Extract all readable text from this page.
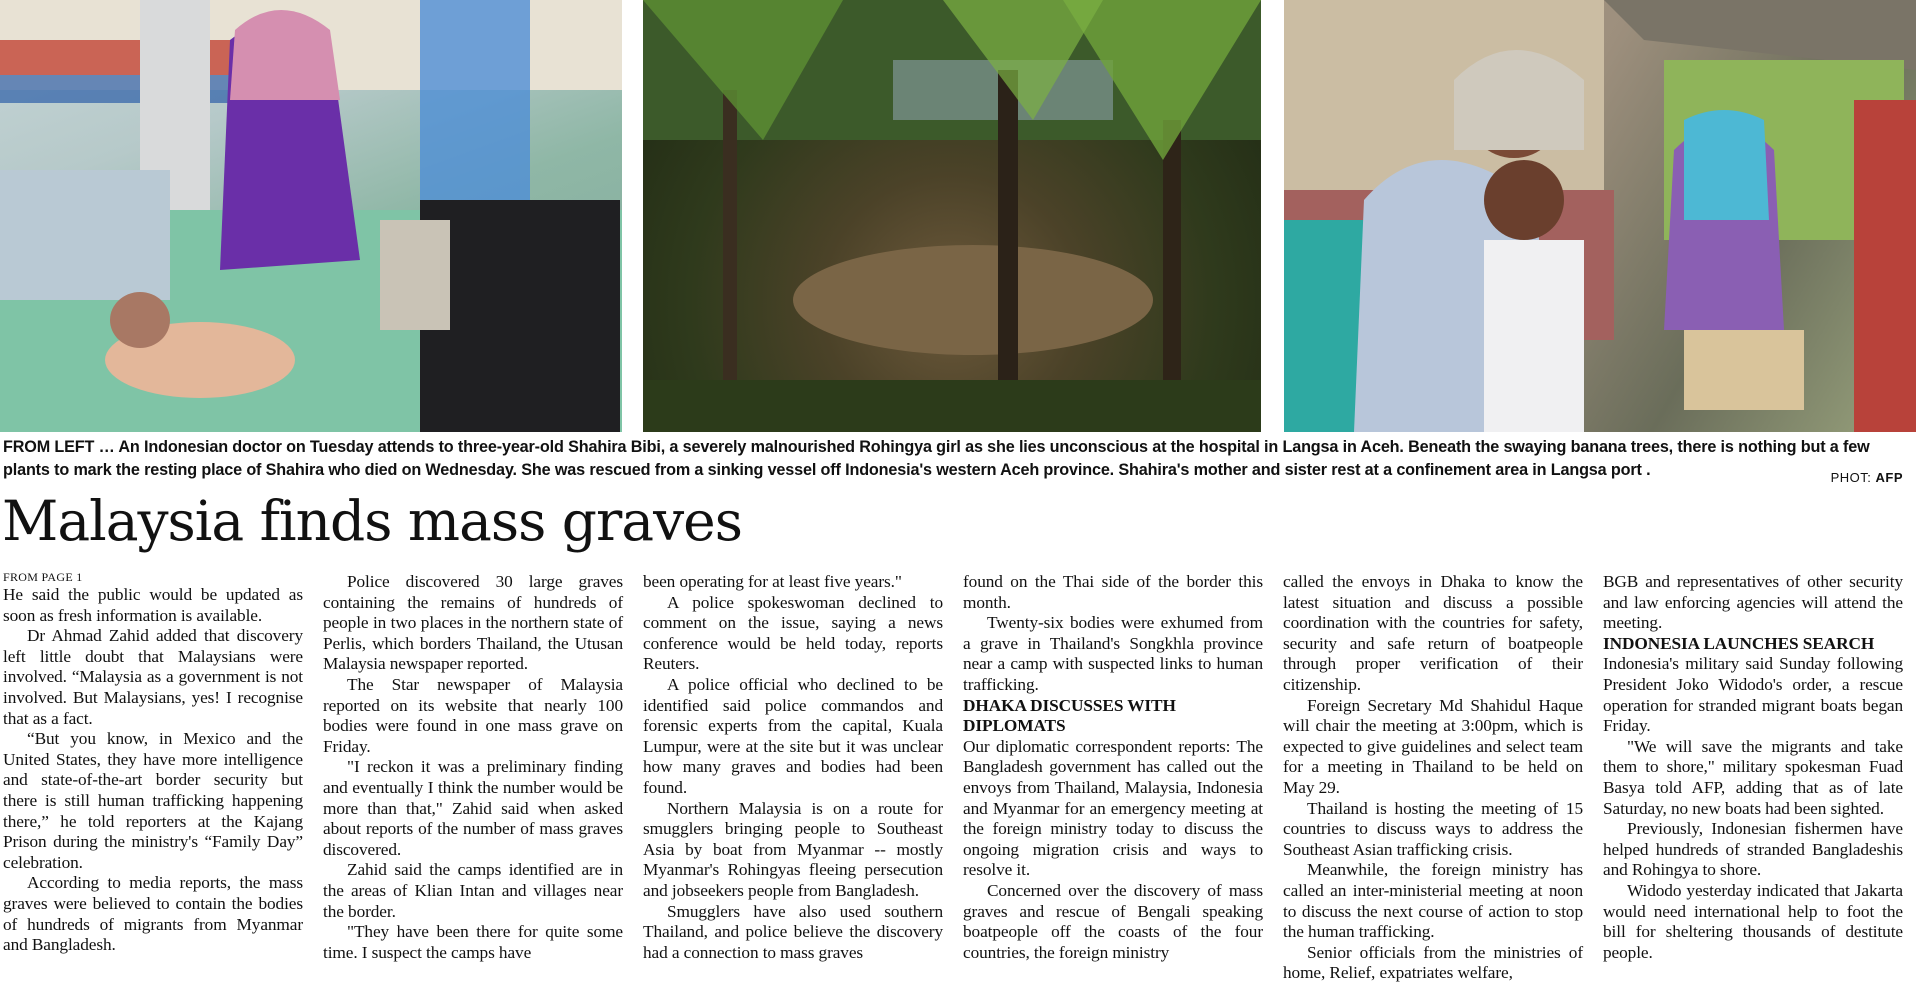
FROM LEFT … An Indonesian doctor on Tuesday attends to three-year-old Shahira Bibi, a severely malnourished Rohingya girl as she lies unconscious at the hospital in Langsa in Aceh. Beneath the swaying banana trees, there is nothing but a few plants to mark the resting place of Shahira who died on Wednesday. She was rescued from a sinking vessel off Indonesia's western Aceh province. Shahira's mother and sister rest at a confinement area in Langsa port .	PHOT: AFP
Malaysia finds mass graves
FROM PAGE 1

He said the public would be updated as soon as fresh information is available.

Dr Ahmad Zahid added that discovery left little doubt that Malaysians were involved. “Malaysia as a government is not involved. But Malaysians, yes! I recognise that as a fact.

“But you know, in Mexico and the United States, they have more intelligence and state-of-the-art border security but there is still human trafficking happening there,” he told reporters at the Kajang Prison during the ministry's “Family Day” celebration.

According to media reports, the mass graves were believed to contain the bodies of hundreds of migrants from Myanmar and Bangladesh.

Police discovered 30 large graves containing the remains of hundreds of people in two places in the northern state of Perlis, which borders Thailand, the Utusan Malaysia newspaper reported.

The Star newspaper of Malaysia reported on its website that nearly 100 bodies were found in one mass grave on Friday.

"I reckon it was a preliminary finding and eventually I think the number would be more than that," Zahid said when asked about reports of the number of mass graves discovered.

Zahid said the camps identified are in the areas of Klian Intan and villages near the border.

"They have been there for quite some time. I suspect the camps have

been operating for at least five years."

A police spokeswoman declined to comment on the issue, saying a news conference would be held today, reports Reuters.

A police official who declined to be identified said police commandos and forensic experts from the capital, Kuala Lumpur, were at the site but it was unclear how many graves and bodies had been found.

Northern Malaysia is on a route for smugglers bringing people to Southeast Asia by boat from Myanmar -- mostly Myanmar's Rohingyas fleeing persecution and jobseekers people from Bangladesh.

Smugglers have also used southern Thailand, and police believe the discovery had a connection to mass graves

found on the Thai side of the border this month.

Twenty-six bodies were exhumed from a grave in Thailand's Songkhla province near a camp with suspected links to human trafficking.

DHAKA DISCUSSES WITH DIPLOMATS

Our diplomatic correspondent reports: The Bangladesh government has called out the envoys from Thailand, Malaysia, Indonesia and Myanmar for an emergency meeting at the foreign ministry today to discuss the ongoing migration crisis and ways to resolve it.

Concerned over the discovery of mass graves and rescue of Bengali speaking boatpeople off the coasts of the four countries, the foreign ministry

called the envoys in Dhaka to know the latest situation and discuss a possible coordination with the countries for safety, security and safe return of boatpeople through proper verification of their citizenship.

Foreign Secretary Md Shahidul Haque will chair the meeting at 3:00pm, which is expected to give guidelines and select team for a meeting in Thailand to be held on May 29.

Thailand is hosting the meeting of 15 countries to discuss ways to address the Southeast Asian trafficking crisis.

Meanwhile, the foreign ministry has called an inter-ministerial meeting at noon to discuss the next course of action to stop the human trafficking.

Senior officials from the ministries of home, Relief, expatriates welfare,

BGB and representatives of other security and law enforcing agencies will attend the meeting.

INDONESIA LAUNCHES SEARCH

Indonesia's military said Sunday following President Joko Widodo's order, a rescue operation for stranded migrant boats began Friday.

"We will save the migrants and take them to shore," military spokesman Fuad Basya told AFP, adding that as of late Saturday, no new boats had been sighted.

Previously, Indonesian fishermen have helped hundreds of stranded Bangladeshis and Rohingya to shore.

Widodo yesterday indicated that Jakarta would need international help to foot the bill for sheltering thousands of destitute people.
